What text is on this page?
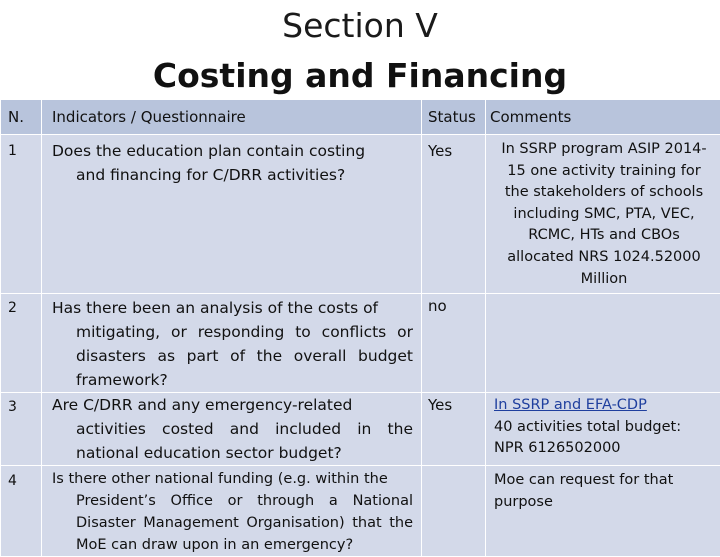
Section V
Costing and Financing
N.	Indicators / Questionnaire	Status	Comments

1	Does the education plan contain costing
and financing for C/DRR activities?	Yes	In SSRP program ASIP 2014-15 one activity training for the stakeholders of schools including SMC, PTA, VEC, RCMC, HTs and CBOs allocated NRS 1024.52000 Million

2	Has there been an analysis of the costs of
mitigating, or responding to conflicts or disasters as part of the overall budget framework?	no	

3	Are C/DRR and any emergency-related
activities costed and included in the national education sector budget?	Yes	In SSRP and EFA-CDP
40 activities total budget: NPR 6126502000

4	Is there other national funding (e.g. within the
President’s Office or through a National Disaster Management Organisation) that the MoE can draw upon in an emergency?		Moe can request for that purpose
